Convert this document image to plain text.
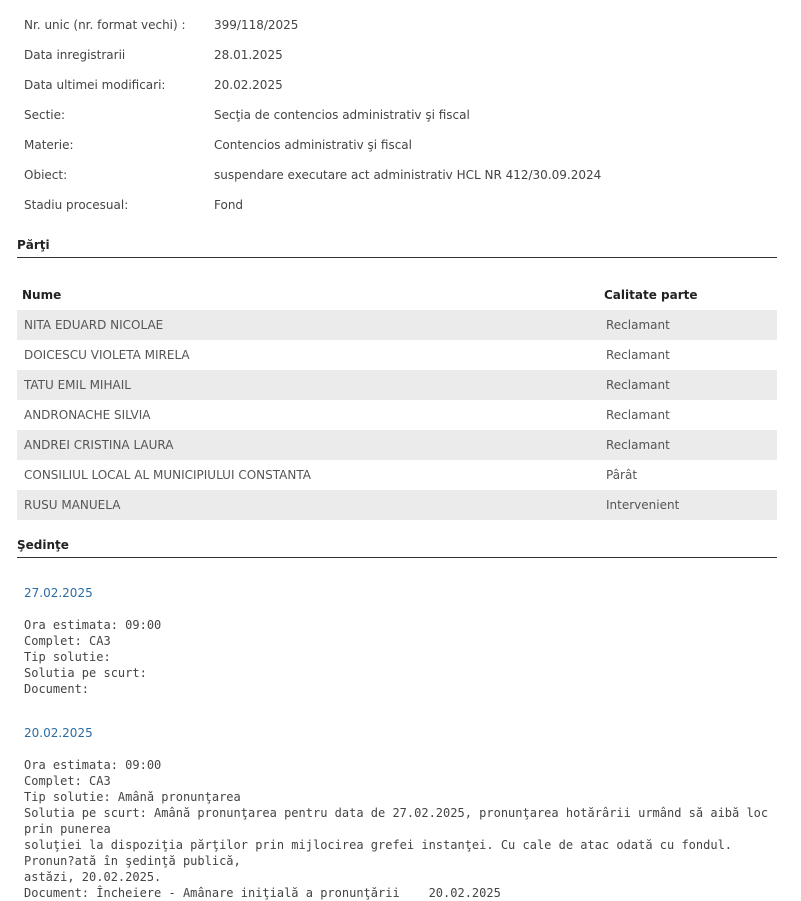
Nr. unic (nr. format vechi) :	399/118/2025
Data inregistrarii	28.01.2025
Data ultimei modificari:	20.02.2025
Sectie:	Secţia de contencios administrativ şi fiscal
Materie:	Contencios administrativ şi fiscal
Obiect:	suspendare executare act administrativ HCL NR 412/30.09.2024
Stadiu procesual:	Fond
Părţi
Nume	Calitate parte
NITA EDUARD NICOLAE	Reclamant
DOICESCU VIOLETA MIRELA	Reclamant
TATU EMIL MIHAIL	Reclamant
ANDRONACHE SILVIA	Reclamant
ANDREI CRISTINA LAURA	Reclamant
CONSILIUL LOCAL AL MUNICIPIULUI CONSTANTA	Pârât
RUSU MANUELA	Intervenient
Şedinţe
27.02.2025
Ora estimata: 09:00
Complet: CA3
Tip solutie:
Solutia pe scurt:
Document:
20.02.2025
Ora estimata: 09:00
Complet: CA3
Tip solutie: Amână pronunţarea
Solutia pe scurt: Amână pronunţarea pentru data de 27.02.2025, pronunţarea hotărârii urmând să aibă loc prin punerea
soluţiei la dispoziţia părţilor prin mijlocirea grefei instanţei. Cu cale de atac odată cu fondul. Pronun?ată în şedinţă publică,
astăzi, 20.02.2025.
Document: Încheiere - Amânare iniţială a pronunţării    20.02.2025
